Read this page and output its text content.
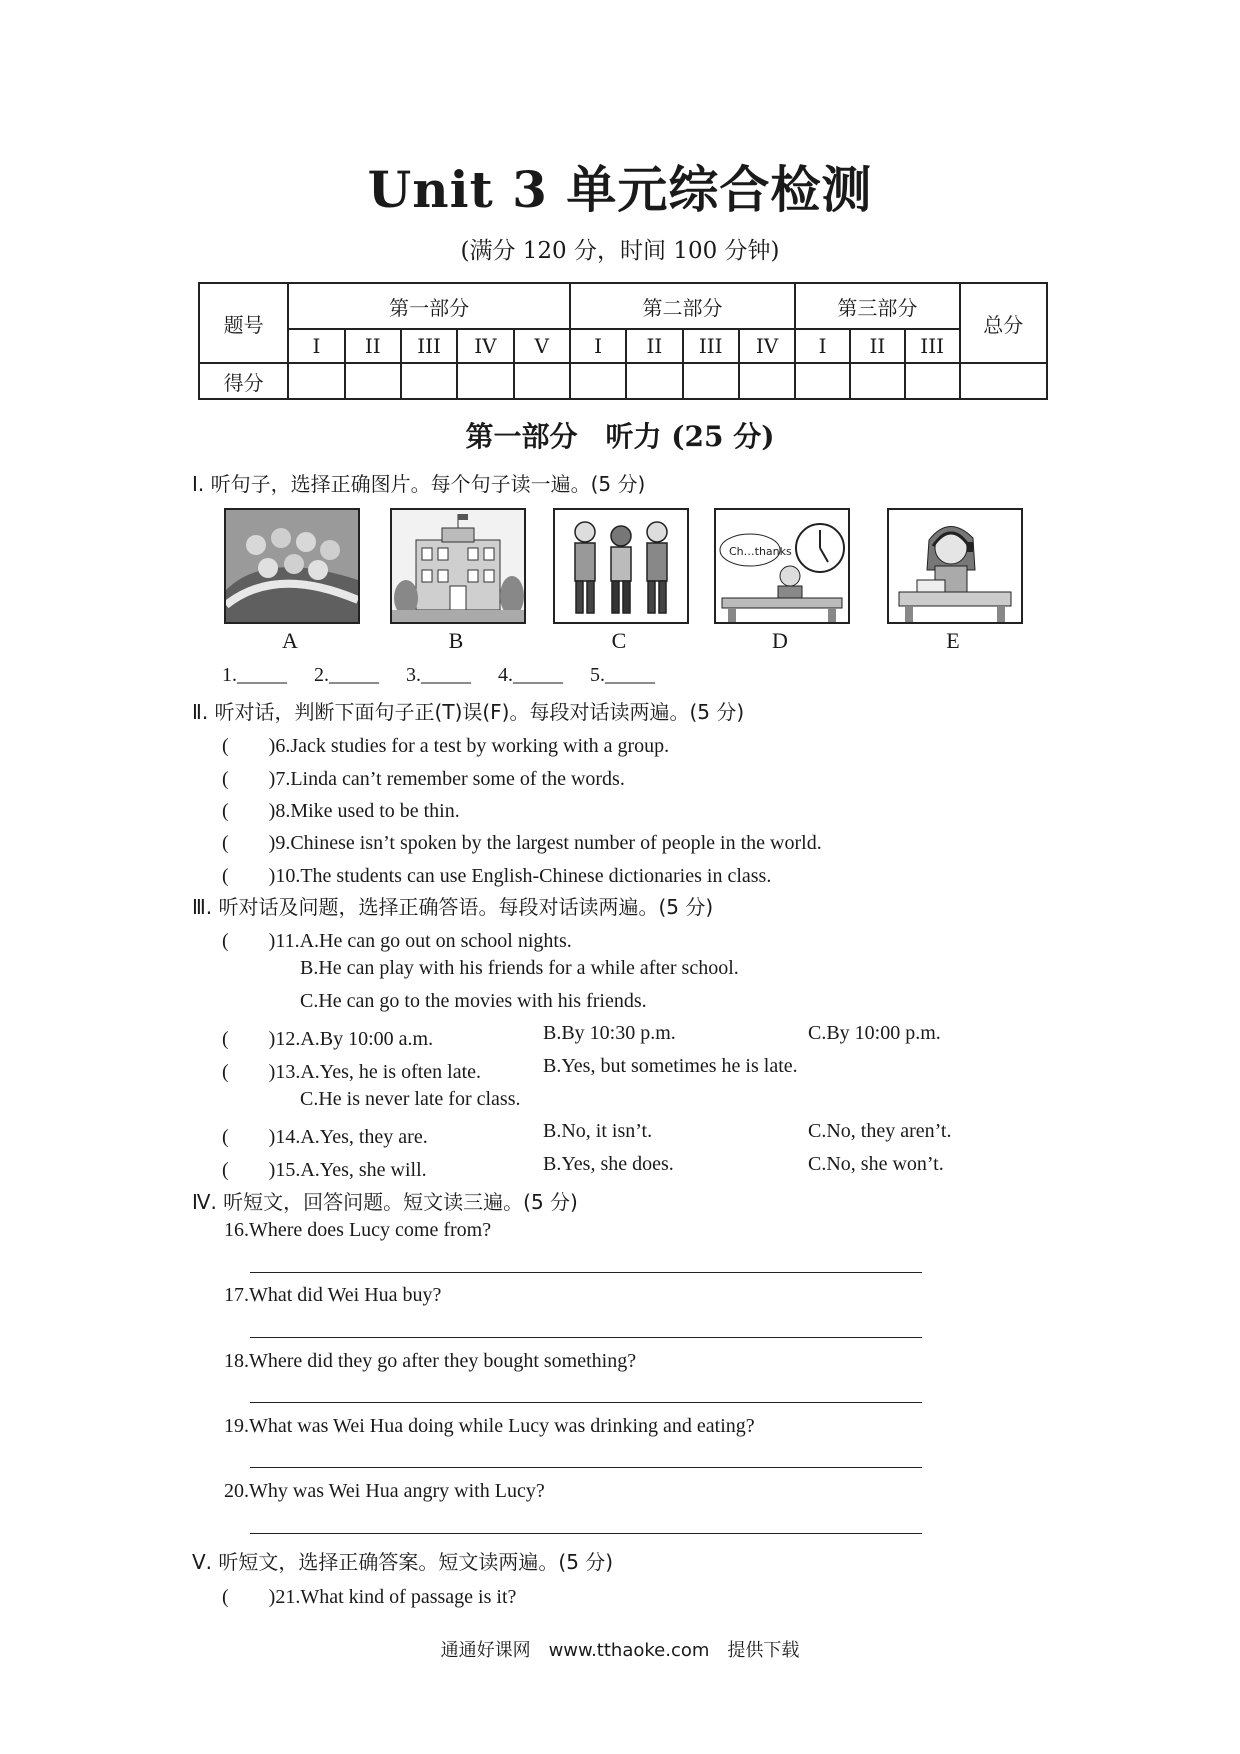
Unit 3 单元综合检测
(满分 120 分，时间 100 分钟)
题号	第一部分					第二部分				第三部分			总分
	I	II	III	IV	V	I	II	III	IV	I	II	III	
得分													
第一部分　听力 (25 分)
Ⅰ. 听句子，选择正确图片。每个句子读一遍。(5 分)
Ch…thanks
A	B	C	D	E
1._____ 2._____ 3._____ 4._____ 5._____
Ⅱ. 听对话，判断下面句子正(T)误(F)。每段对话读两遍。(5 分)
(　　)6.Jack studies for a test by working with a group.
(　　)7.Linda can’t remember some of the words.
(　　)8.Mike used to be thin.
(　　)9.Chinese isn’t spoken by the largest number of people in the world.
(　　)10.The students can use English-Chinese dictionaries in class.
Ⅲ. 听对话及问题，选择正确答语。每段对话读两遍。(5 分)
(　　)11.A.He can go out on school nights.
B.He can play with his friends for a while after school.
C.He can go to the movies with his friends.
(　　)12.A.By 10:00 a.m.	B.By 10:30 p.m.	C.By 10:00 p.m.
(　　)13.A.Yes, he is often late.	B.Yes, but sometimes he is late.
C.He is never late for class.
(　　)14.A.Yes, they are.	B.No, it isn’t.	C.No, they aren’t.
(　　)15.A.Yes, she will.	B.Yes, she does.	C.No, she won’t.
Ⅳ. 听短文，回答问题。短文读三遍。(5 分)
16.Where does Lucy come from?
17.What did Wei Hua buy?
18.Where did they go after they bought something?
19.What was Wei Hua doing while Lucy was drinking and eating?
20.Why was Wei Hua angry with Lucy?
Ⅴ. 听短文，选择正确答案。短文读两遍。(5 分)
(　　)21.What kind of passage is it?
通通好课网　www.tthaoke.com　提供下载
